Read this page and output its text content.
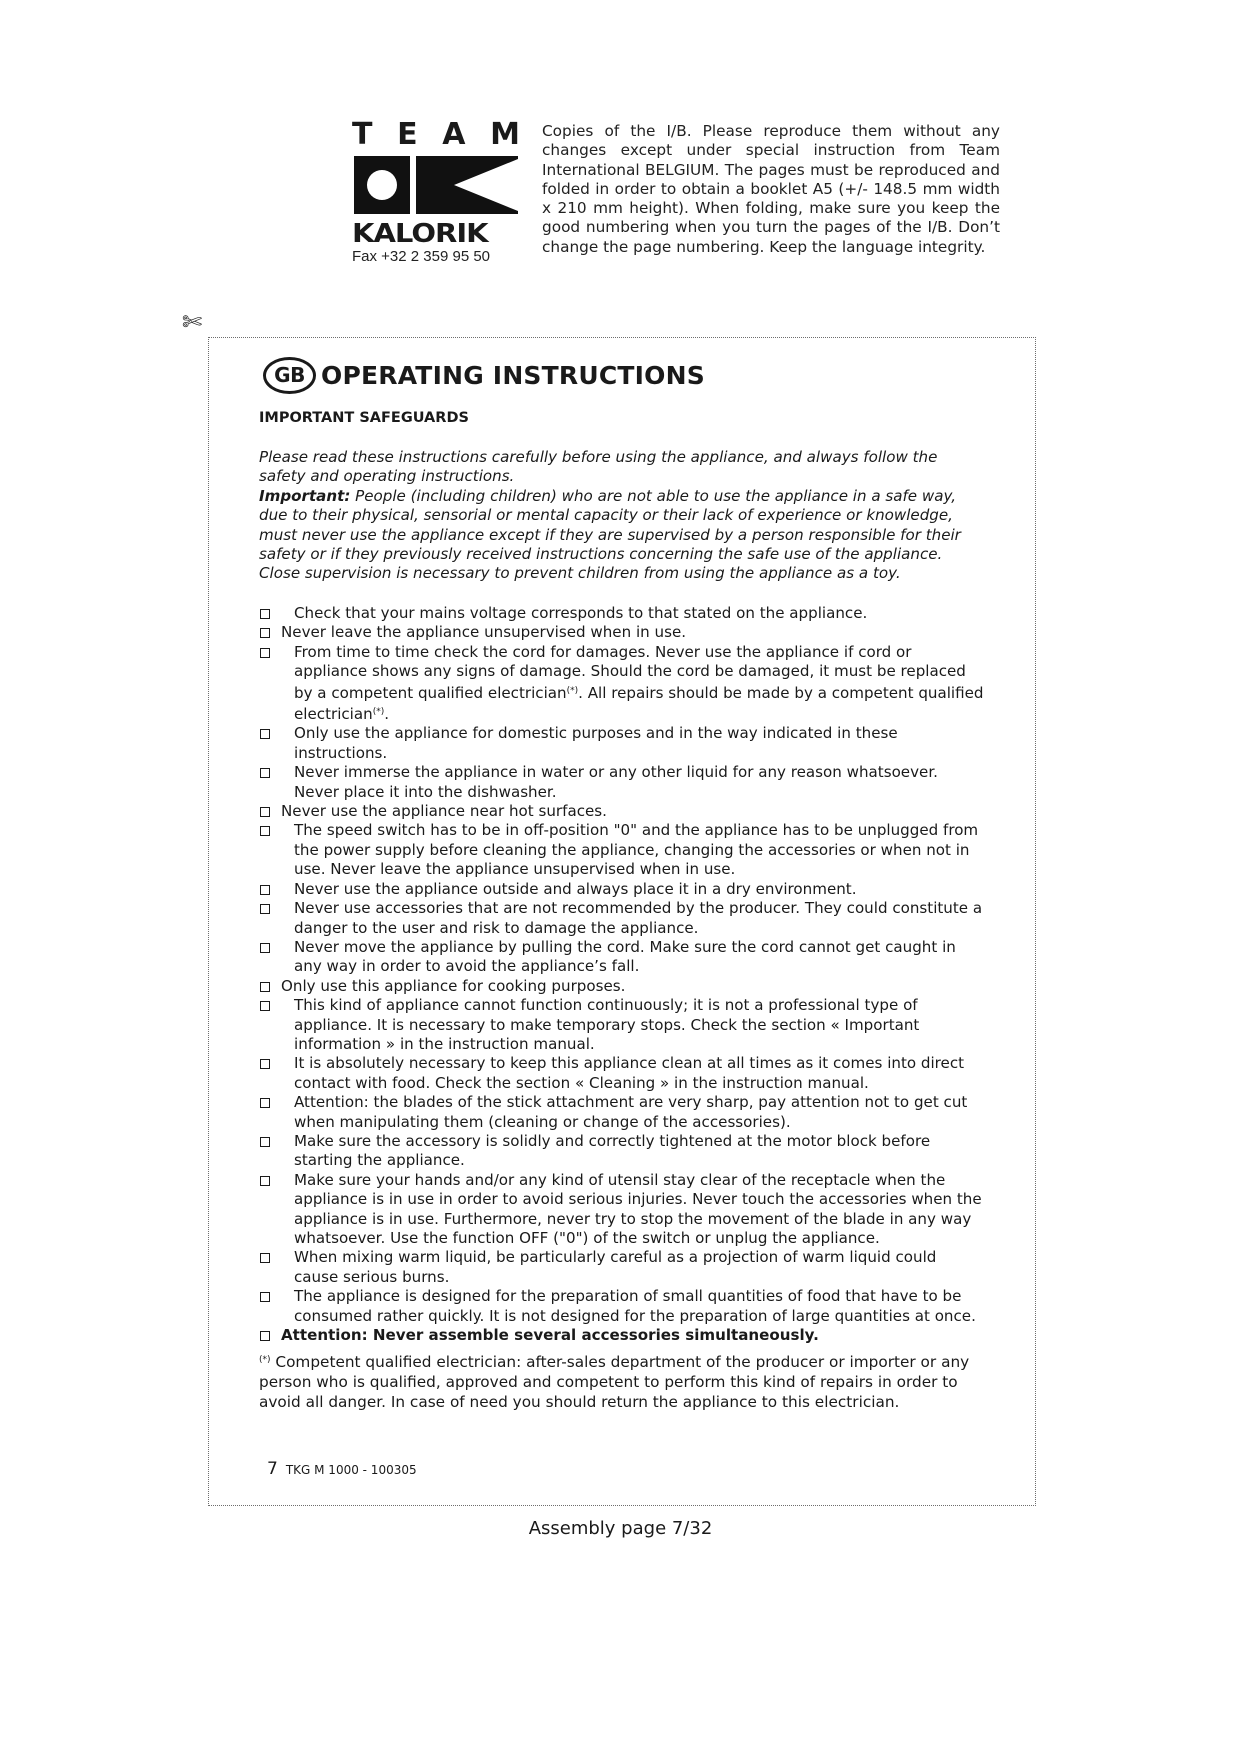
T E A M
KALORIK
Fax +32 2 359 95 50
Copies of the I/B. Please reproduce them without any changes except under special instruction from Team International BELGIUM. The pages must be reproduced and folded in order to obtain a booklet A5 (+/- 148.5 mm width x 210 mm height). When folding, make sure you keep the good numbering when you turn the pages of the I/B. Don’t change the page numbering. Keep the language integrity.
✄
GB OPERATING INSTRUCTIONS
IMPORTANT SAFEGUARDS
Please read these instructions carefully before using the appliance, and always follow the safety and operating instructions.
Important: People (including children) who are not able to use the appliance in a safe way, due to their physical, sensorial or mental capacity or their lack of experience or knowledge, must never use the appliance except if they are supervised by a person responsible for their safety or if they previously received instructions concerning the safe use of the appliance.
Close supervision is necessary to prevent children from using the appliance as a toy.
Check that your mains voltage corresponds to that stated on the appliance.
Never leave the appliance unsupervised when in use.
From time to time check the cord for damages. Never use the appliance if cord or appliance shows any signs of damage. Should the cord be damaged, it must be replaced by a competent qualified electrician(*). All repairs should be made by a competent qualified electrician(*).
Only use the appliance for domestic purposes and in the way indicated in these instructions.
Never immerse the appliance in water or any other liquid for any reason whatsoever. Never place it into the dishwasher.
Never use the appliance near hot surfaces.
The speed switch has to be in off-position "0" and the appliance has to be unplugged from the power supply before cleaning the appliance, changing the accessories or when not in use. Never leave the appliance unsupervised when in use.
Never use the appliance outside and always place it in a dry environment.
Never use accessories that are not recommended by the producer. They could constitute a danger to the user and risk to damage the appliance.
Never move the appliance by pulling the cord. Make sure the cord cannot get caught in any way in order to avoid the appliance’s fall.
Only use this appliance for cooking purposes.
This kind of appliance cannot function continuously; it is not a professional type of appliance. It is necessary to make temporary stops. Check the section « Important information » in the instruction manual.
It is absolutely necessary to keep this appliance clean at all times as it comes into direct contact with food. Check the section « Cleaning » in the instruction manual.
Attention: the blades of the stick attachment are very sharp, pay attention not to get cut when manipulating them (cleaning or change of the accessories).
Make sure the accessory is solidly and correctly tightened at the motor block before starting the appliance.
Make sure your hands and/or any kind of utensil stay clear of the receptacle when the appliance is in use in order to avoid serious injuries. Never touch the accessories when the appliance is in use. Furthermore, never try to stop the movement of the blade in any way whatsoever. Use the function OFF ("0") of the switch or unplug the appliance.
When mixing warm liquid, be particularly careful as a projection of warm liquid could cause serious burns.
The appliance is designed for the preparation of small quantities of food that have to be consumed rather quickly. It is not designed for the preparation of large quantities at once.
Attention: Never assemble several accessories simultaneously.
(*) Competent qualified electrician: after-sales department of the producer or importer or any person who is qualified, approved and competent to perform this kind of repairs in order to avoid all danger. In case of need you should return the appliance to this electrician.
7 TKG M 1000 - 100305
Assembly page 7/32
